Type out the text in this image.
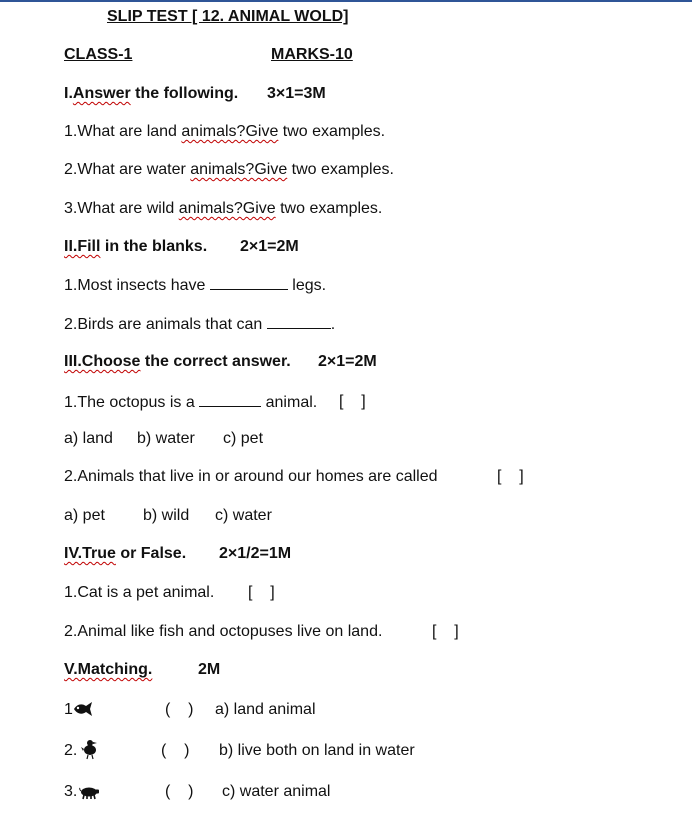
SLIP TEST [ 12. ANIMAL WOLD]
CLASS-1	MARKS-10
I.Answer the following. 3×1=3M
1.What are land animals?Give two examples.
2.What are water animals?Give two examples.
3.What are wild animals?Give two examples.
II.Fill in the blanks. 2×1=2M
1.Most insects have	legs.
2.Birds are animals that can	.
III.Choose the correct answer. 2×1=2M
1.The octopus is a	animal. [    ]
a) land b) water c) pet
2.Animals that live in or around our homes are called	[    ]
a) pet b) wild c) water
IV.True or False. 2×1/2=1M
1.Cat is a pet animal. [    ]
2.Animal like fish and octopuses live on land.	[    ]
V.Matching.	2M
1	(    ) a) land animal
2.	(    ) b) live both on land in water
3.	(    ) c) water animal
